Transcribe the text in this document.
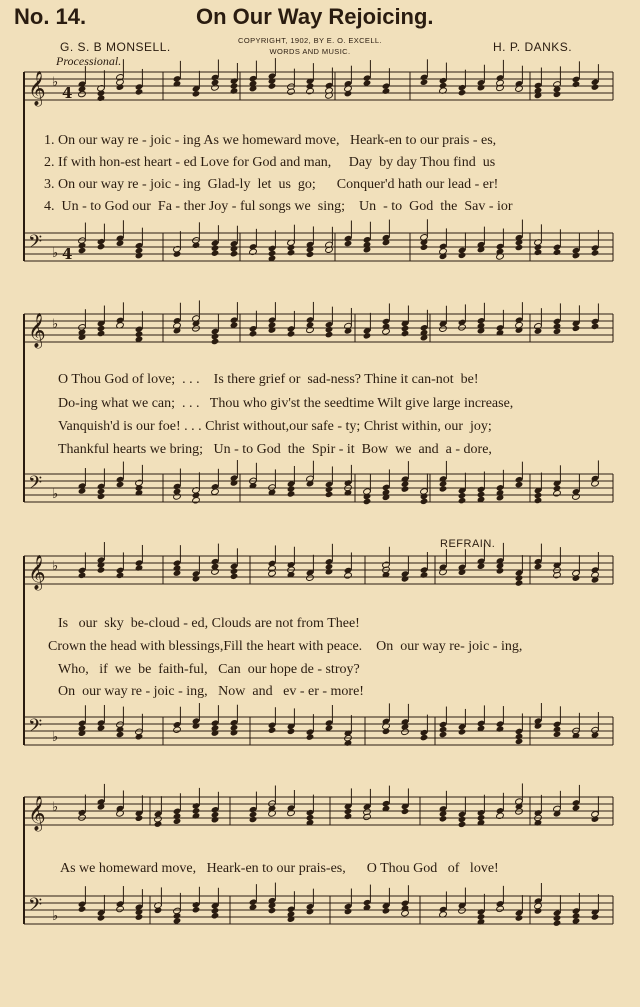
No. 14.	On Our Way Rejoicing.
G. S. B MONSELL.	COPYRIGHT, 1902, BY E. O. EXCELL.
WORDS AND MUSIC.	H. P. DANKS.
Processional.
REFRAIN.
1. On our way re - joic - ing As we homeward move,   Heark-en to our prais - es,
2. If with hon-est heart - ed Love for God and man,     Day  by day Thou find  us
3. On our way re - joic - ing  Glad-ly  let  us  go;      Conquer'd hath our lead - er!
4.  Un - to God our  Fa - ther Joy - ful songs we  sing;    Un  - to  God  the  Sav - ior
O Thou God of love;  . . .    Is there grief or  sad-ness? Thine it can-not  be!
Do-ing what we can;  . . .   Thou who giv'st the seedtime Wilt give large increase,
Vanquish'd is our foe! . . . Christ without,our safe - ty; Christ within, our  joy;
Thankful hearts we bring;   Un - to God  the  Spir - it  Bow  we  and  a - dore,
Is   our  sky  be-cloud - ed, Clouds are not from Thee!
Crown the head with blessings,Fill the heart with peace.    On  our way re- joic - ing,
Who,   if  we  be  faith-ful,   Can  our hope de - stroy?
On  our way re - joic - ing,   Now  and   ev - er - more!
As we homeward move,   Heark-en to our prais-es,      O Thou God   of   love!
𝄞 ♭
4
𝄢 ♭ 4
𝄞 ♭
𝄢 ♭
𝄞 ♭
𝄢 ♭
𝄞 ♭
𝄢 ♭
